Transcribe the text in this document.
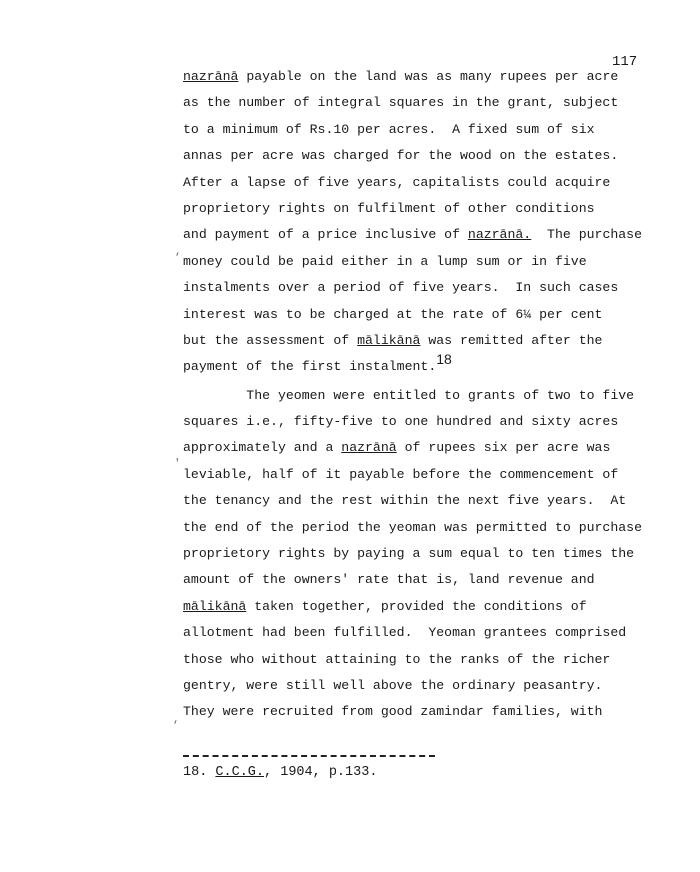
117
nazrānā payable on the land was as many rupees per acre
as the number of integral squares in the grant, subject
to a minimum of Rs.10 per acres.  A fixed sum of six
annas per acre was charged for the wood on the estates.
After a lapse of five years, capitalists could acquire
proprietory rights on fulfilment of other conditions
and payment of a price inclusive of nazrānā.  The purchase
money could be paid either in a lump sum or in five
instalments over a period of five years.  In such cases
interest was to be charged at the rate of 6¼ per cent
but the assessment of mālikānā was remitted after the
payment of the first instalment.$^{18}$
The yeomen were entitled to grants of two to five
squares i.e., fifty-five to one hundred and sixty acres
approximately and a nazrānā of rupees six per acre was
leviable, half of it payable before the commencement of
the tenancy and the rest within the next five years.  At
the end of the period the yeoman was permitted to purchase
proprietory rights by paying a sum equal to ten times the
amount of the owners' rate that is, land revenue and
mālikānā taken together, provided the conditions of
allotment had been fulfilled.  Yeoman grantees comprised
those who without attaining to the ranks of the richer
gentry, were still well above the ordinary peasantry.
They were recruited from good zamindar families, with
18. C.C.G., 1904, p.133.
‘
′
‘
